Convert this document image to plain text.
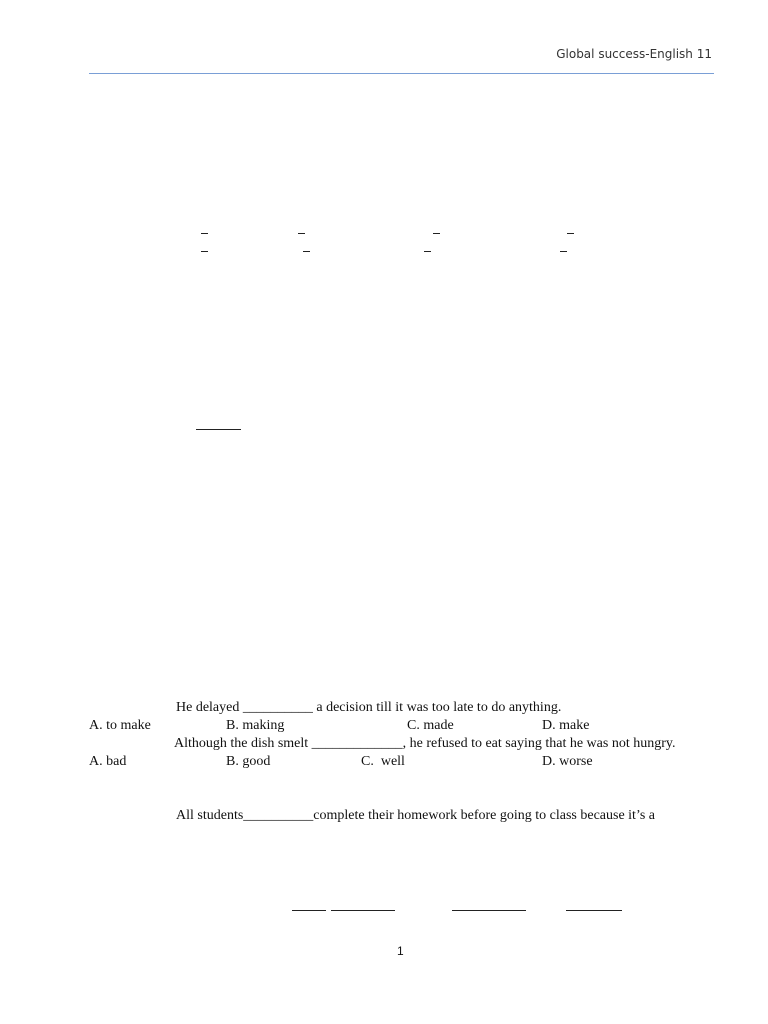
Global success-English 11
He delayed __________ a decision till it was too late to do anything.
A. to make	B. making	C. made	D. make
Although the dish smelt _____________, he refused to eat saying that he was not hungry.
A. bad	B. good	C.  well	D. worse
All students__________complete their homework before going to class because it’s a
1
